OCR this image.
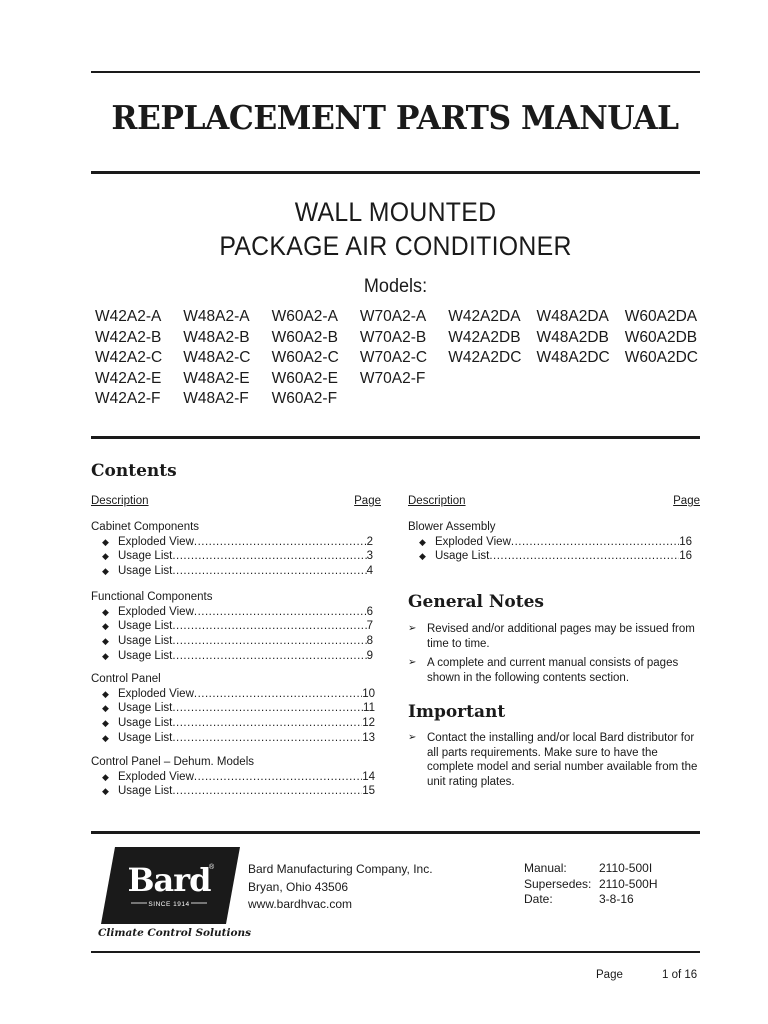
REPLACEMENT PARTS MANUAL
WALL MOUNTED
PACKAGE AIR CONDITIONER
Models:
W42A2-A	W48A2-A	W60A2-A	W70A2-A	W42A2DA	W48A2DA	W60A2DA
W42A2-B	W48A2-B	W60A2-B	W70A2-B	W42A2DB	W48A2DB	W60A2DB
W42A2-C	W48A2-C	W60A2-C	W70A2-C	W42A2DC W48A2DC W60A2DC
W42A2-E	W48A2-E	W60A2-E	W70A2-F
W42A2-F	W48A2-F	W60A2-F
Contents
Description	Page Description	Page
Cabinet Components
◆ Exploded View .....	2
◆ Usage List .....	3
◆ Usage List .....	4
Functional Components
◆ Exploded View .....	6
◆ Usage List .....	7
◆ Usage List .....	8
◆ Usage List .....	9
Control Panel
◆ Exploded View .....	10
◆ Usage List .....	11
◆ Usage List .....	12
◆ Usage List .....	13
Control Panel – Dehum. Models
◆ Exploded View .....	14
◆ Usage List .....	15
Blower Assembly
◆ Exploded View .....	16
◆ Usage List .....	16
General Notes
➢ Revised and/or additional pages may be issued from time to time.
➢ A complete and current manual consists of pages shown in the following contents section.
Important
➢ Contact the installing and/or local Bard distributor for all parts requirements. Make sure to have the complete model and serial number available from the unit rating plates.
Bard
®
SINCE 1914
Climate Control Solutions
Bard Manufacturing Company, Inc.
Bryan, Ohio 43506
www.bardhvac.com
Manual:	2110-500I
Supersedes: 2110-500H
Date:	3-8-16
Page	1 of 16
